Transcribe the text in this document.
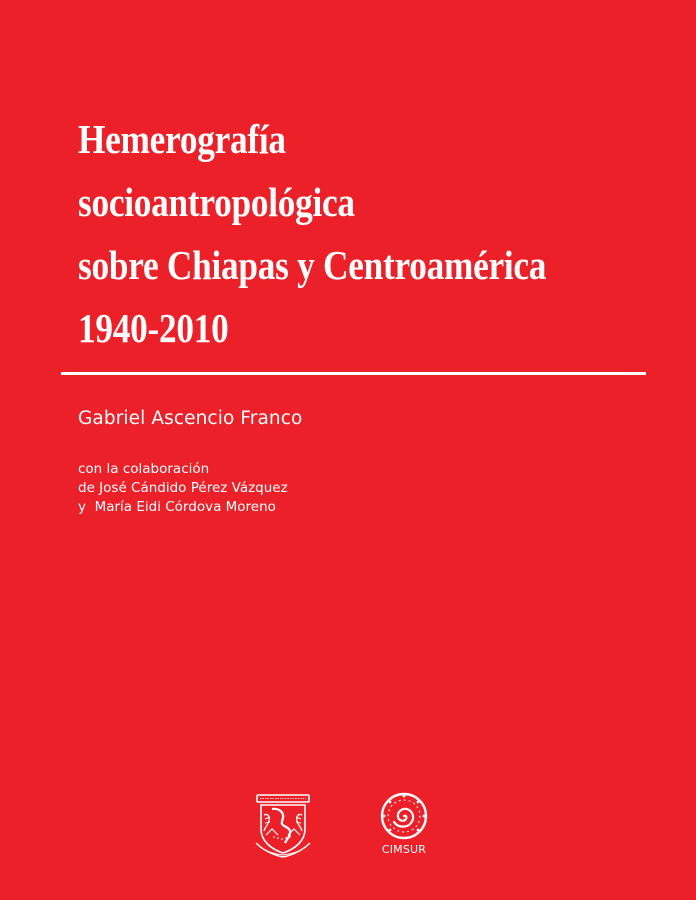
Hemerografía
socioantropológica
sobre Chiapas y Centroamérica
1940-2010
Gabriel Ascencio Franco
con la colaboración
de José Cándido Pérez Vázquez
y  María Eidi Córdova Moreno
CIMSUR
